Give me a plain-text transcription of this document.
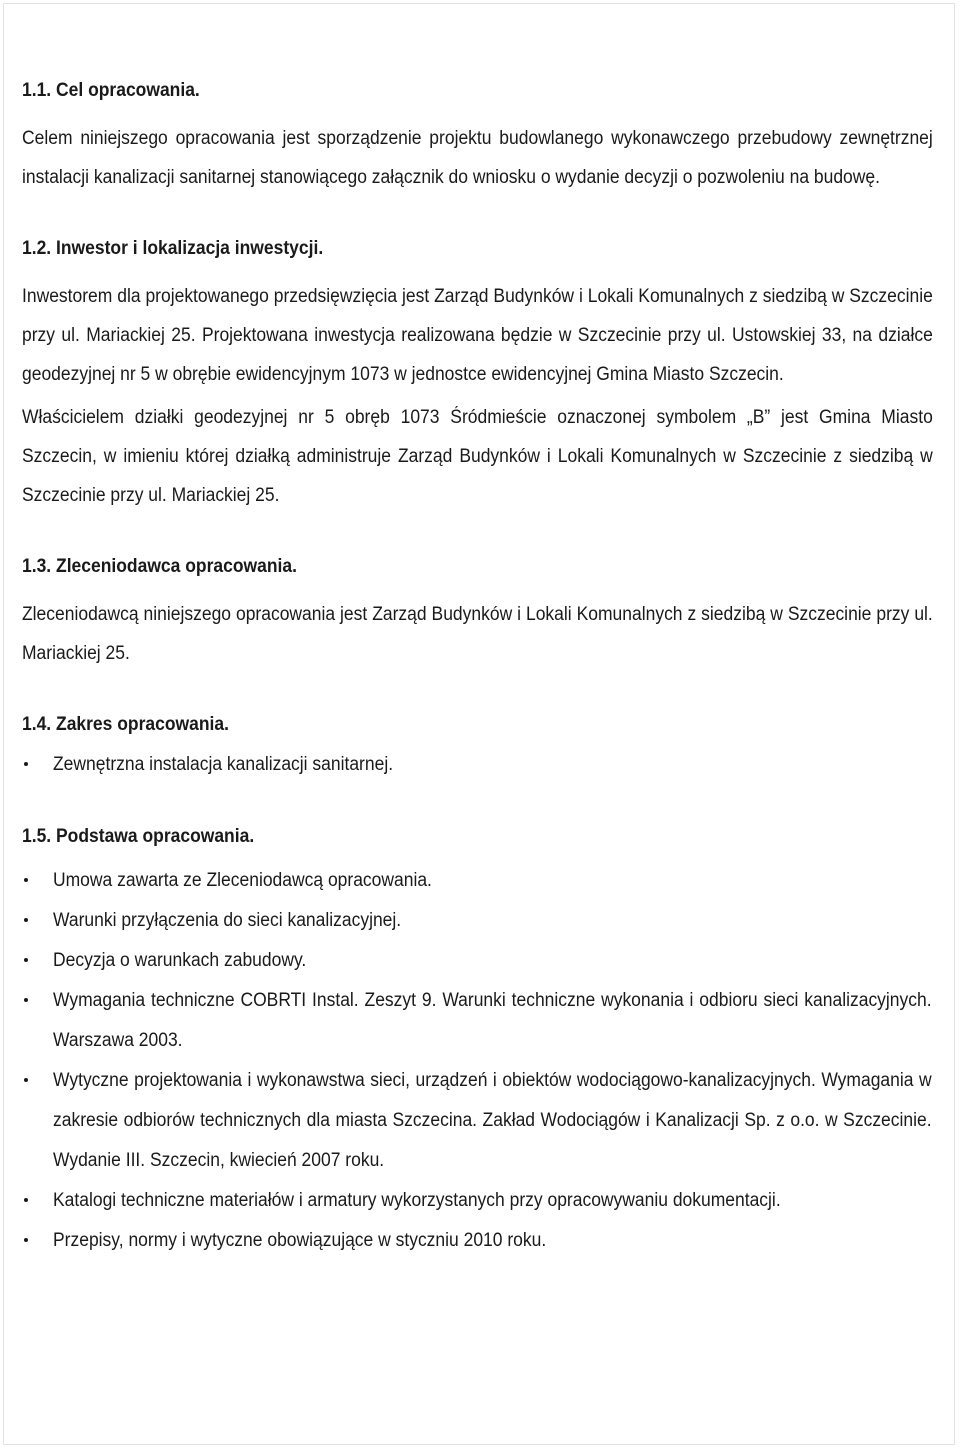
1.1. Cel opracowania.

Celem niniejszego opracowania jest sporządzenie projektu budowlanego wykonawczego przebudowy zewnętrznej instalacji kanalizacji sanitarnej stanowiącego załącznik do wniosku o wydanie decyzji o pozwoleniu na budowę.

1.2. Inwestor i lokalizacja inwestycji.

Inwestorem dla projektowanego przedsięwzięcia jest Zarząd Budynków i Lokali Komunalnych z siedzibą w Szczecinie przy ul. Mariackiej 25. Projektowana inwestycja realizowana będzie w Szczecinie przy ul. Ustowskiej 33, na działce geodezyjnej nr 5 w obrębie ewidencyjnym 1073 w jednostce ewidencyjnej Gmina Miasto Szczecin.

Właścicielem działki geodezyjnej nr 5 obręb 1073 Śródmieście oznaczonej symbolem „B” jest Gmina Miasto Szczecin, w imieniu której działką administruje Zarząd Budynków i Lokali Komunalnych w Szczecinie z siedzibą w Szczecinie przy ul. Mariackiej 25.

1.3. Zleceniodawca opracowania.

Zleceniodawcą niniejszego opracowania jest Zarząd Budynków i Lokali Komunalnych z siedzibą w Szczecinie przy ul. Mariackiej 25.

1.4. Zakres opracowania.

Zewnętrzna instalacja kanalizacji sanitarnej.

1.5. Podstawa opracowania.

Umowa zawarta ze Zleceniodawcą opracowania.
Warunki przyłączenia do sieci kanalizacyjnej.
Decyzja o warunkach zabudowy.
Wymagania techniczne COBRTI Instal. Zeszyt 9. Warunki techniczne wykonania i odbioru sieci kanalizacyjnych. Warszawa 2003.
Wytyczne projektowania i wykonawstwa sieci, urządzeń i obiektów wodociągowo-kanalizacyjnych. Wymagania w zakresie odbiorów technicznych dla miasta Szczecina. Zakład Wodociągów i Kanalizacji Sp. z o.o. w Szczecinie. Wydanie III. Szczecin, kwiecień 2007 roku.
Katalogi techniczne materiałów i armatury wykorzystanych przy opracowywaniu dokumentacji.
Przepisy, normy i wytyczne obowiązujące w styczniu 2010 roku.
